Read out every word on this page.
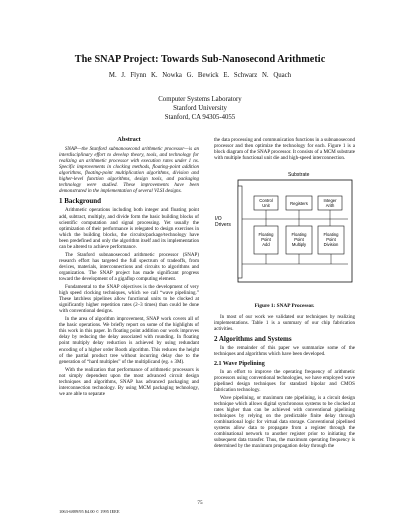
The SNAP Project: Towards Sub-Nanosecond Arithmetic
M. J. Flynn K. Nowka G. Bewick E. Schwarz N. Quach
Computer Systems Laboratory
Stanford University
Stanford, CA 94305-4055
Abstract

SNAP—the Stanford subnanosecond arithmetic processor—is an interdisciplinary effort to develop theory, tools, and technology for realizing an arithmetic processor with execution rates under 1 ns. Specific improvements in clocking methods, floating-point addition algorithms, floating-point multiplication algorithms, division and higher-level function algorithms, design tools, and packaging technology were studied. These improvements have been demonstrated in the implementation of several VLSI designs.

1 Background

Arithmetic operations including both integer and floating point add, subtract, multiply, and divide form the basic building blocks of scientific computation and signal processing. Yet usually the optimization of their performance is relegated to design exercises in which the building blocks, the circuits/package/technology have been predefined and only the algorithm itself and its implementation can be altered to achieve performance.

The Stanford subnanosecond arithmetic processor (SNAP) research effort has targeted the full spectrum of tradeoffs, from devices, materials, interconnections and circuits to algorithms and organization. The SNAP project has made significant progress toward the development of a gigaflop computing element.

Fundamental to the SNAP objectives is the development of very high speed clocking techniques, which we call “wave pipelining.” These latchless pipelines allow functional units to be clocked at significantly higher repetition rates (2–3 times) than could be done with conventional designs.

In the area of algorithm improvement, SNAP work covers all of the basic operations. We briefly report on some of the highlights of this work in this paper. In floating point addition our work improves delay by reducing the delay associated with rounding. In floating point multiply delay reduction is achieved by using redundant encoding of a higher order Booth algorithm. This reduces the height of the partial product tree without incurring delay due to the generation of “hard multiples” of the multiplicand (eg. ± 3M).

With the realization that performance of arithmetic processors is not simply dependent upon the most advanced circuit design techniques and algorithms, SNAP has advanced packaging and interconnection technology. By using MCM packaging technology, we are able to separate

the data processing and communication functions in a subnanosecond processor and then optimize the technology for each. Figure 1 is a block diagram of the SNAP processor. It consists of a MCM substrate with multiple functional unit die and high-speed interconnection.

Substrate
I/O
Drivers
Control
Unit	Registers
Integer
Arith
Floating
Point
Add
Floating
Point
Multiply
Floating
Point
Division
Figure 1: SNAP Processor.

In most of our work we validated our techniques by realizing implementations. Table 1 is a summary of our chip fabrication activities.

2 Algorithms and Systems

In the remainder of this paper we summarize some of the techniques and algorithms which have been developed.

2.1 Wave Pipelining

In an effort to improve the operating frequency of arithmetic processors using conventional technologies, we have employed wave pipelined design techniques for standard bipolar and CMOS fabrication technology.

Wave pipelining, or maximum rate pipelining, is a circuit design technique which allows digital synchronous systems to be clocked at rates higher than can be achieved with conventional pipelining techniques by relying on the predictable finite delay through combinational logic for virtual data storage. Conventional pipelined systems allow data to propagate from a register through the combinational network to another register prior to initiating the subsequent data transfer. Thus, the maximum operating frequency is determined by the maximum propagation delay through the

75
1063-6889/95 $4.00 © 1995 IEEE
